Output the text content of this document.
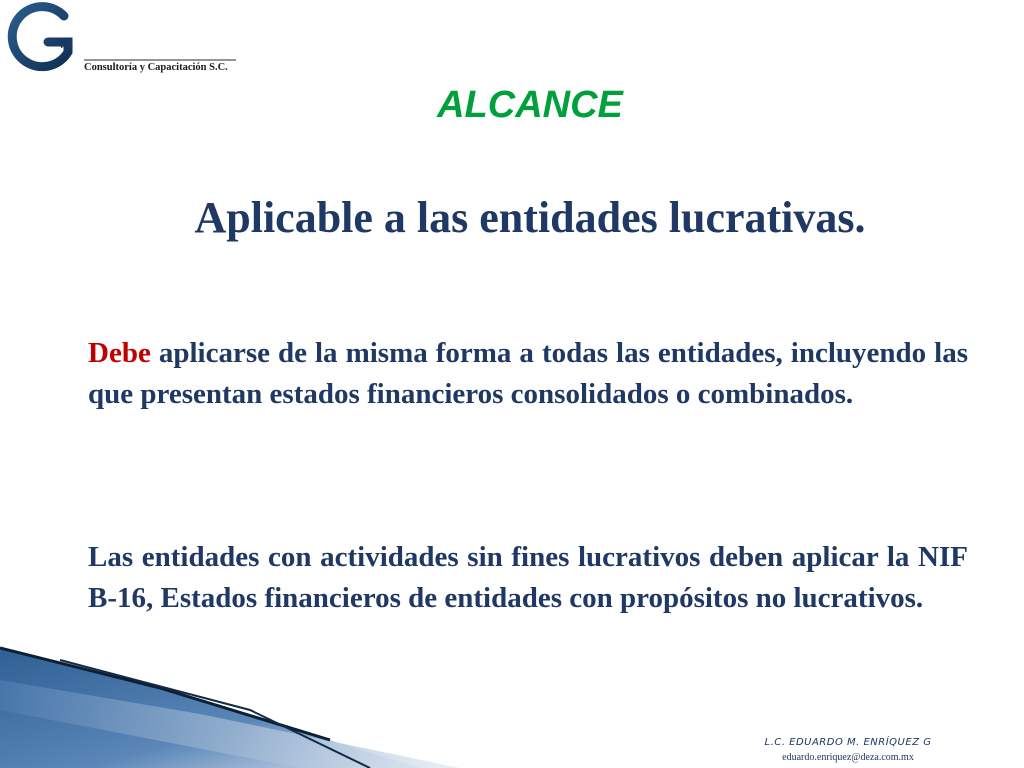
va
Consultoría y Capacitación S.C.
ALCANCE
Aplicable a las entidades lucrativas.
Debe aplicarse de la misma forma a todas las entidades, incluyendo las que presentan estados financieros consolidados o combinados.
Las entidades con actividades sin fines lucrativos deben aplicar la NIF B-16, Estados financieros de entidades con propósitos no lucrativos.
L.C. EDUARDO M. ENRÍQUEZ G
eduardo.enriquez@deza.com.mx
